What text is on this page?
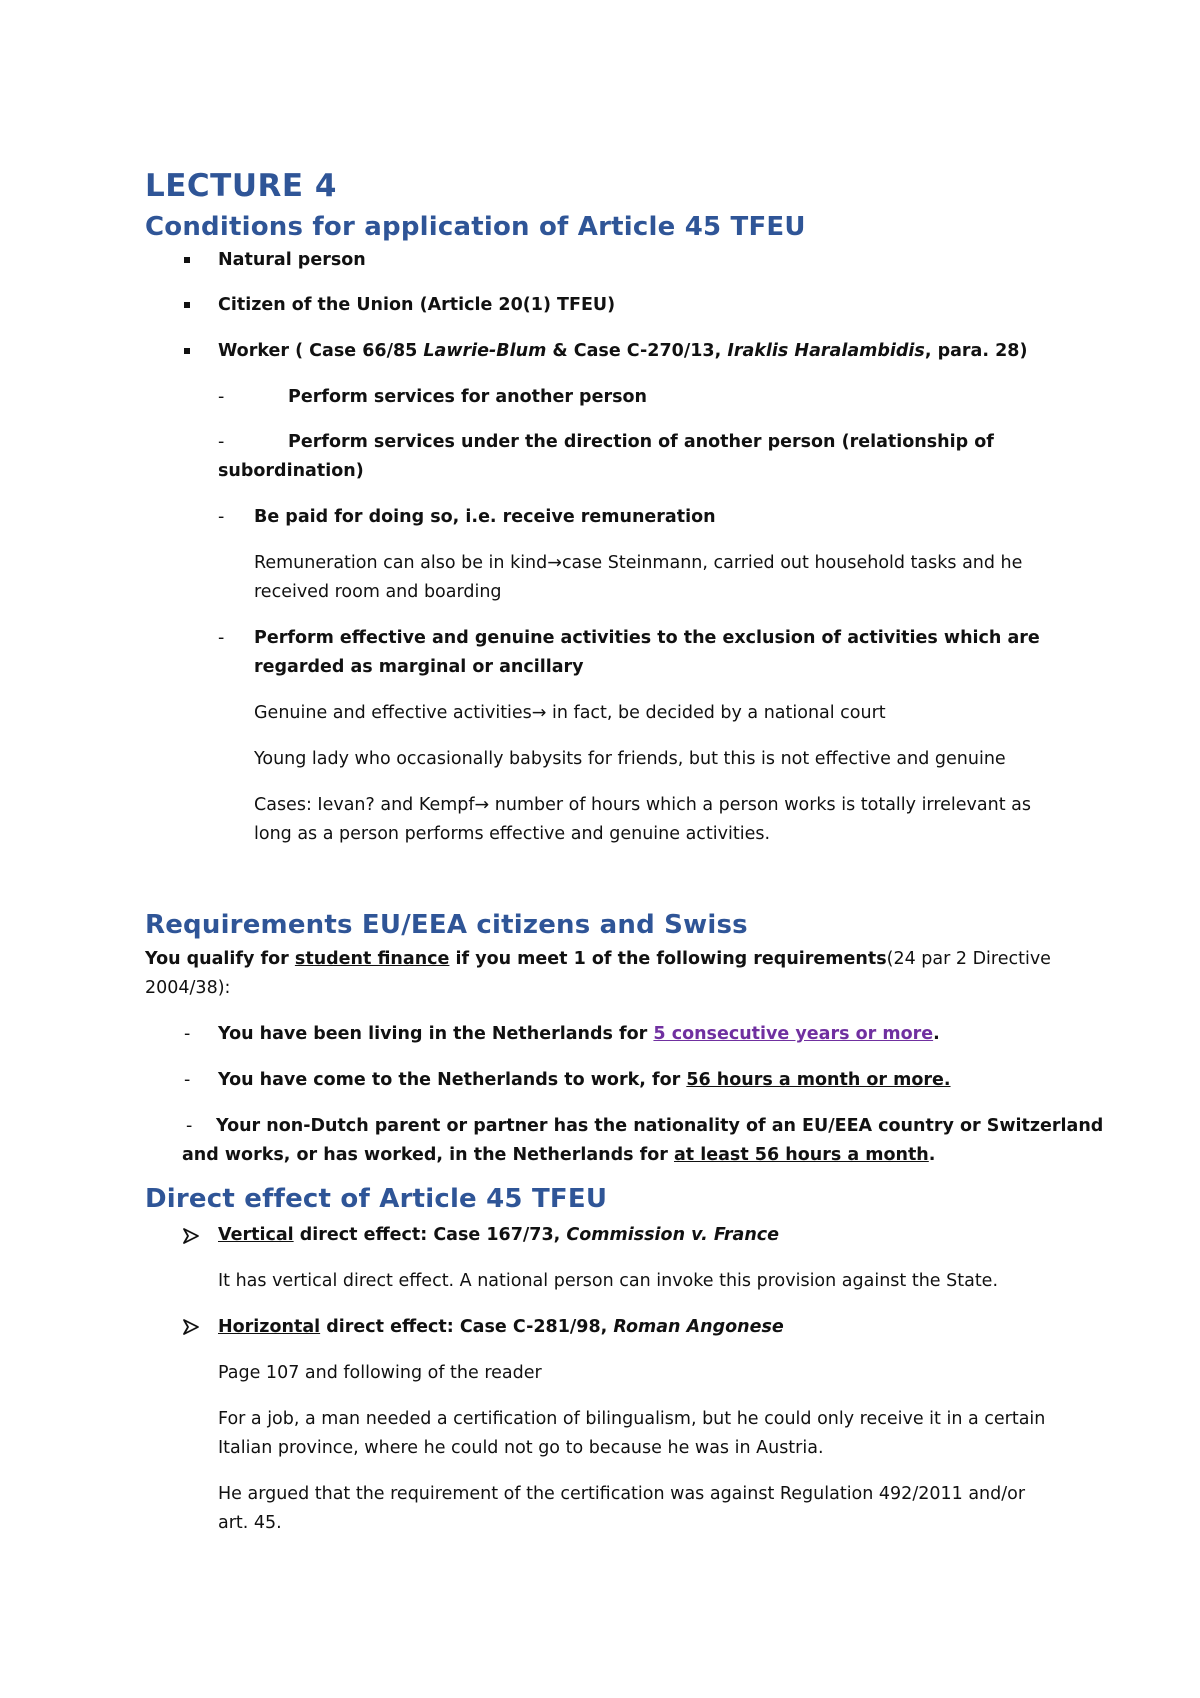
LECTURE 4
Conditions for application of Article 45 TFEU
Natural person
Citizen of the Union (Article 20(1) TFEU)
Worker ( Case 66/85 Lawrie-Blum & Case C-270/13, Iraklis Haralambidis, para. 28)
-	Perform services for another person
-	Perform services under the direction of another person (relationship of
subordination)
- Be paid for doing so, i.e. receive remuneration
Remuneration can also be in kind→case Steinmann, carried out household tasks and he
received room and boarding
- Perform effective and genuine activities to the exclusion of activities which are
regarded as marginal or ancillary
Genuine and effective activities→ in fact, be decided by a national court
Young lady who occasionally babysits for friends, but this is not effective and genuine
Cases: Ievan? and Kempf→ number of hours which a person works is totally irrelevant as
long as a person performs effective and genuine activities.
Requirements EU/EEA citizens and Swiss
You qualify for student finance if you meet 1 of the following requirements(24 par 2 Directive
2004/38):
- You have been living in the Netherlands for 5 consecutive years or more.
- You have come to the Netherlands to work, for 56 hours a month or more.
- Your non-Dutch parent or partner has the nationality of an EU/EEA country or Switzerland
and works, or has worked, in the Netherlands for at least 56 hours a month.
Direct effect of Article 45 TFEU
Vertical direct effect: Case 167/73, Commission v. France
It has vertical direct effect. A national person can invoke this provision against the State.
Horizontal direct effect: Case C-281/98, Roman Angonese
Page 107 and following of the reader
For a job, a man needed a certification of bilingualism, but he could only receive it in a certain
Italian province, where he could not go to because he was in Austria.
He argued that the requirement of the certification was against Regulation 492/2011 and/or
art. 45.
